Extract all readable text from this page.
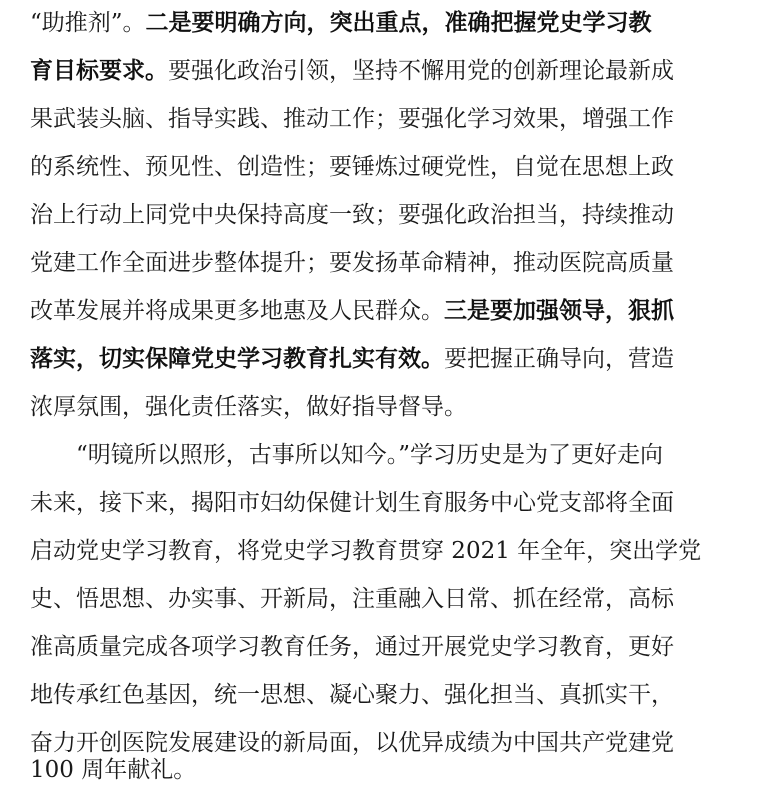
“助推剂”。二是要明确方向，突出重点，准确把握党史学习教
育目标要求。要强化政治引领，坚持不懈用党的创新理论最新成
果武装头脑、指导实践、推动工作；要强化学习效果，增强工作
的系统性、预见性、创造性；要锤炼过硬党性，自觉在思想上政
治上行动上同党中央保持高度一致；要强化政治担当，持续推动
党建工作全面进步整体提升；要发扬革命精神，推动医院高质量
改革发展并将成果更多地惠及人民群众。三是要加强领导，狠抓
落实，切实保障党史学习教育扎实有效。要把握正确导向，营造
浓厚氛围，强化责任落实，做好指导督导。
“明镜所以照形，古事所以知今。”学习历史是为了更好走向
未来，接下来，揭阳市妇幼保健计划生育服务中心党支部将全面
启动党史学习教育，将党史学习教育贯穿 2021 年全年，突出学党
史、悟思想、办实事、开新局，注重融入日常、抓在经常，高标
准高质量完成各项学习教育任务，通过开展党史学习教育，更好
地传承红色基因，统一思想、凝心聚力、强化担当、真抓实干，
奋力开创医院发展建设的新局面，以优异成绩为中国共产党建党
100 周年献礼。
